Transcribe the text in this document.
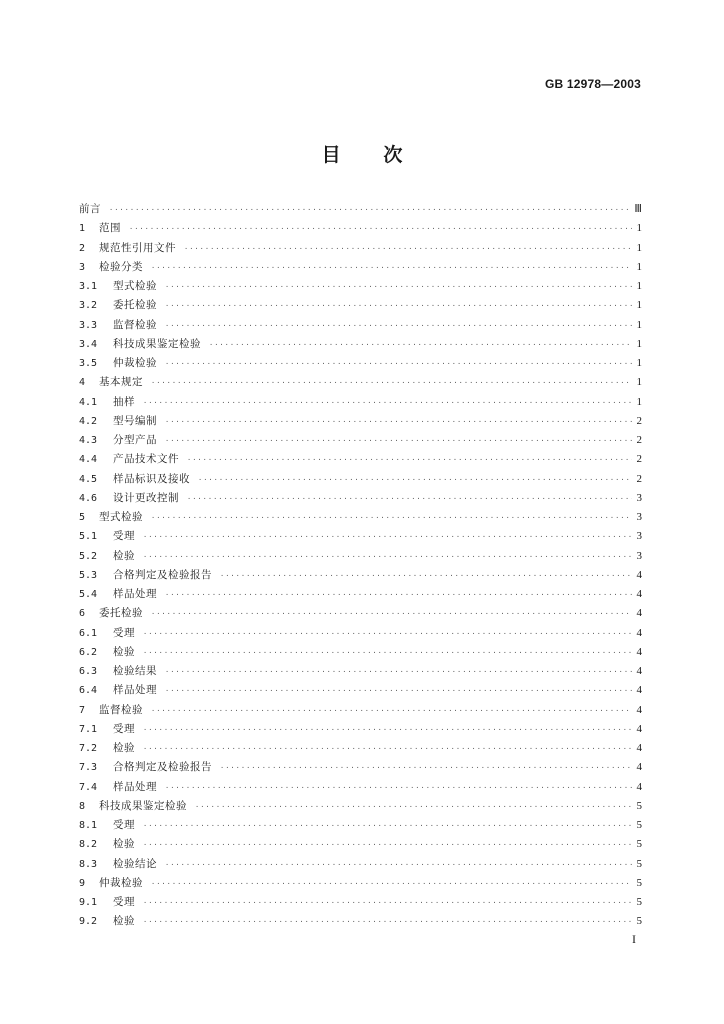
GB 12978—2003
目 次
前言 ·····	Ⅲ
1	范围 ·····	1
2	规范性引用文件 ·····	1
3	检验分类 ·····	1
3.1	型式检验 ·····	1
3.2	委托检验 ·····	1
3.3	监督检验 ·····	1
3.4	科技成果鉴定检验 ·····	1
3.5	仲裁检验 ·····	1
4	基本规定 ·····	1
4.1	抽样 ·····	1
4.2	型号编制 ·····	2
4.3	分型产品 ·····	2
4.4	产品技术文件 ·····	2
4.5	样品标识及接收 ·····	2
4.6	设计更改控制 ·····	3
5	型式检验 ·····	3
5.1	受理 ·····	3
5.2	检验 ·····	3
5.3	合格判定及检验报告 ·····	4
5.4	样品处理 ·····	4
6	委托检验 ·····	4
6.1	受理 ·····	4
6.2	检验 ·····	4
6.3	检验结果 ·····	4
6.4	样品处理 ·····	4
7	监督检验 ·····	4
7.1	受理 ·····	4
7.2	检验 ·····	4
7.3	合格判定及检验报告 ·····	4
7.4	样品处理 ·····	4
8	科技成果鉴定检验 ·····	5
8.1	受理 ·····	5
8.2	检验 ·····	5
8.3	检验结论 ·····	5
9	仲裁检验 ·····	5
9.1	受理 ·····	5
9.2	检验 ·····	5
I
